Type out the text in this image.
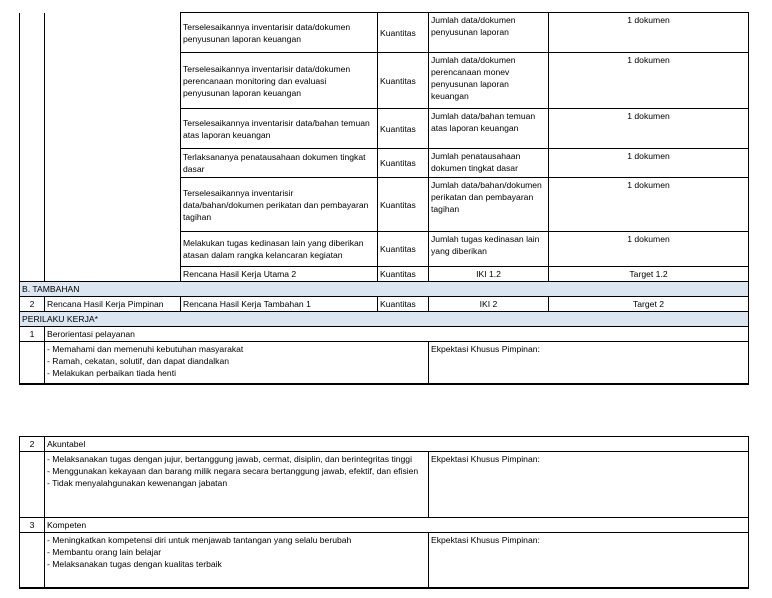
		Terselesaikannya inventarisir data/dokumen penyusunan laporan keuangan	Kuantitas	Jumlah data/dokumen penyusunan laporan	1 dokumen
		Terselesaikannya inventarisir data/dokumen perencanaan monitoring dan evaluasi penyusunan laporan keuangan	Kuantitas	Jumlah data/dokumen perencanaan monev penyusunan laporan keuangan	1 dokumen
		Terselesaikannya inventarisir data/bahan temuan atas laporan keuangan	Kuantitas	Jumlah data/bahan temuan atas laporan keuangan	1 dokumen
		Terlaksananya penatausahaan dokumen tingkat dasar	Kuantitas	Jumlah penatausahaan dokumen tingkat dasar	1 dokumen
		Terselesaikannya inventarisir data/bahan/dokumen perikatan dan pembayaran tagihan	Kuantitas	Jumlah data/bahan/dokumen perikatan dan pembayaran tagihan	1 dokumen
		Melakukan tugas kedinasan lain yang diberikan atasan dalam rangka kelancaran kegiatan	Kuantitas	Jumlah tugas kedinasan lain yang diberikan	1 dokumen
		Rencana Hasil Kerja Utama 2	Kuantitas	IKI 1.2	Target 1.2
B. TAMBAHAN					
2	Rencana Hasil Kerja Pimpinan	Rencana Hasil Kerja Tambahan 1	Kuantitas	IKI 2	Target 2
PERILAKU KERJA*					
1	Berorientasi pelayanan				

	- Memahami dan memenuhi kebutuhan masyarakat
- Ramah, cekatan, solutif, dan dapat diandalkan
- Melakukan perbaikan tiada henti			Ekpektasi Khusus Pimpinan:	
2	Akuntabel	

	- Melaksanakan tugas dengan jujur, bertanggung jawab, cermat, disiplin, dan berintegritas tinggi
- Menggunakan kekayaan dan barang milik negara secara bertanggung jawab, efektif, dan efisien
- Tidak menyalahgunakan kewenangan jabatan	Ekpektasi Khusus Pimpinan:
3	Kompeten	

	- Meningkatkan kompetensi diri untuk menjawab tantangan yang selalu berubah
- Membantu orang lain belajar
- Melaksanakan tugas dengan kualitas terbaik	Ekpektasi Khusus Pimpinan:
